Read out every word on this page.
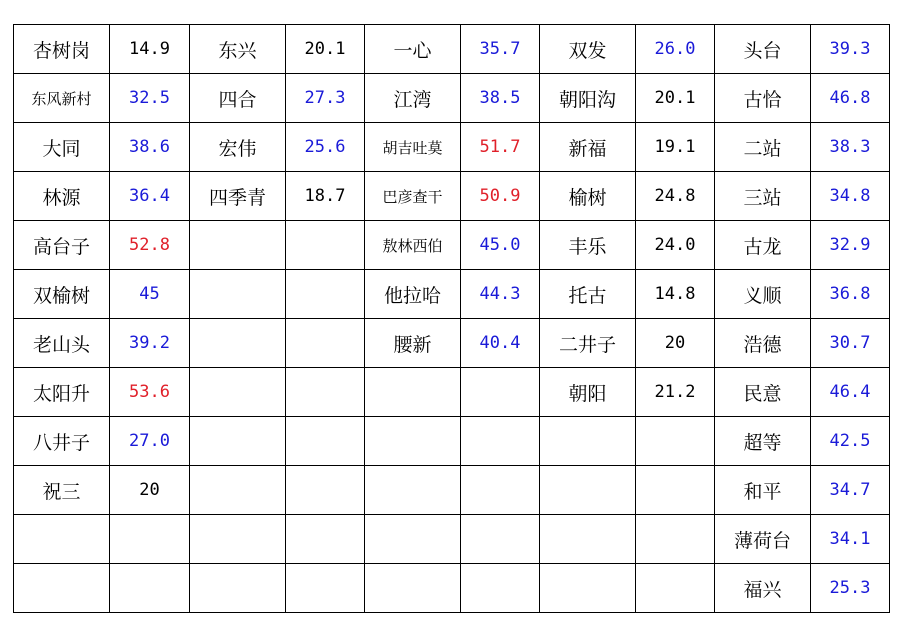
杏树岗	14.9	东兴	20.1	一心	35.7	双发	26.0	头台	39.3
东风新村	32.5	四合	27.3	江湾	38.5	朝阳沟	20.1	古恰	46.8
大同	38.6	宏伟	25.6	胡吉吐莫	51.7	新福	19.1	二站	38.3
林源	36.4	四季青	18.7	巴彦查干	50.9	榆树	24.8	三站	34.8
高台子	52.8			敖林西伯	45.0	丰乐	24.0	古龙	32.9
双榆树	45			他拉哈	44.3	托古	14.8	义顺	36.8
老山头	39.2			腰新	40.4	二井子	20	浩德	30.7
太阳升	53.6					朝阳	21.2	民意	46.4
八井子	27.0							超等	42.5
祝三	20							和平	34.7
								薄荷台	34.1
								福兴	25.3
